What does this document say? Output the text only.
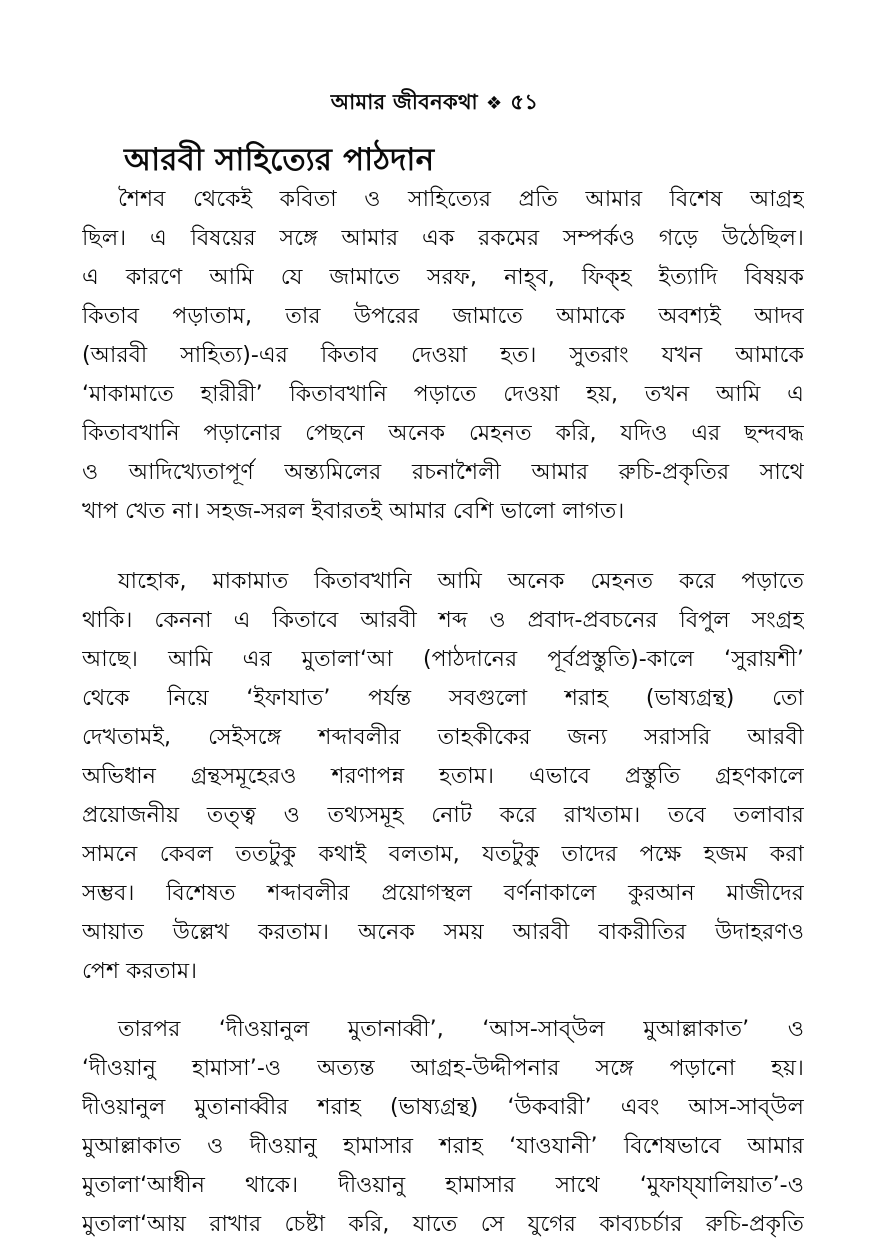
আমার জীবনকথা ❖ ৫১
আরবী সাহিত্যের পাঠদান
শৈশব থেকেই কবিতা ও সাহিত্যের প্রতি আমার বিশেষ আগ্রহ
ছিল। এ বিষয়ের সঙ্গে আমার এক রকমের সম্পর্কও গড়ে উঠেছিল।
এ কারণে আমি যে জামাতে সরফ, নাহ্‌ব, ফিক্‌হ ইত্যাদি বিষয়ক
কিতাব পড়াতাম, তার উপরের জামাতে আমাকে অবশ্যই আদব
(আরবী সাহিত্য)-এর কিতাব দেওয়া হত। সুতরাং যখন আমাকে
‘মাকামাতে হারীরী’ কিতাবখানি পড়াতে দেওয়া হয়, তখন আমি এ
কিতাবখানি পড়ানোর পেছনে অনেক মেহনত করি, যদিও এর ছন্দবদ্ধ
ও আদিখ্যেতাপূর্ণ অন্ত্যমিলের রচনাশৈলী আমার রুচি-প্রকৃতির সাথে
খাপ খেত না। সহজ-সরল ইবারতই আমার বেশি ভালো লাগত।
যাহোক, মাকামাত কিতাবখানি আমি অনেক মেহনত করে পড়াতে
থাকি। কেননা এ কিতাবে আরবী শব্দ ও প্রবাদ-প্রবচনের বিপুল সংগ্রহ
আছে। আমি এর মুতালা‘আ (পাঠদানের পূর্বপ্রস্তুতি)-কালে ‘সুরায়শী’
থেকে নিয়ে ‘ইফাযাত’ পর্যন্ত সবগুলো শরাহ (ভাষ্যগ্রন্থ) তো
দেখতামই, সেইসঙ্গে শব্দাবলীর তাহকীকের জন্য সরাসরি আরবী
অভিধান গ্রন্থসমূহেরও শরণাপন্ন হতাম। এভাবে প্রস্তুতি গ্রহণকালে
প্রয়োজনীয় তত্ত্ব ও তথ্যসমূহ নোট করে রাখতাম। তবে তলাবার
সামনে কেবল ততটুকু কথাই বলতাম, যতটুকু তাদের পক্ষে হজম করা
সম্ভব। বিশেষত শব্দাবলীর প্রয়োগস্থল বর্ণনাকালে কুরআন মাজীদের
আয়াত উল্লেখ করতাম। অনেক সময় আরবী বাকরীতির উদাহরণও
পেশ করতাম।
তারপর ‘দীওয়ানুল মুতানাব্বী’, ‘আস-সাব্‌উল মুআল্লাকাত’ ও
‘দীওয়ানু হামাসা’-ও অত্যন্ত আগ্রহ-উদ্দীপনার সঙ্গে পড়ানো হয়।
দীওয়ানুল মুতানাব্বীর শরাহ (ভাষ্যগ্রন্থ) ‘উকবারী’ এবং আস-সাব্‌উল
মুআল্লাকাত ও দীওয়ানু হামাসার শরাহ ‘যাওযানী’ বিশেষভাবে আমার
মুতালা‘আধীন থাকে। দীওয়ানু হামাসার সাথে ‘মুফায্‌যালিয়াত’-ও
মুতালা‘আয় রাখার চেষ্টা করি, যাতে সে যুগের কাব্যচর্চার রুচি-প্রকৃতি
